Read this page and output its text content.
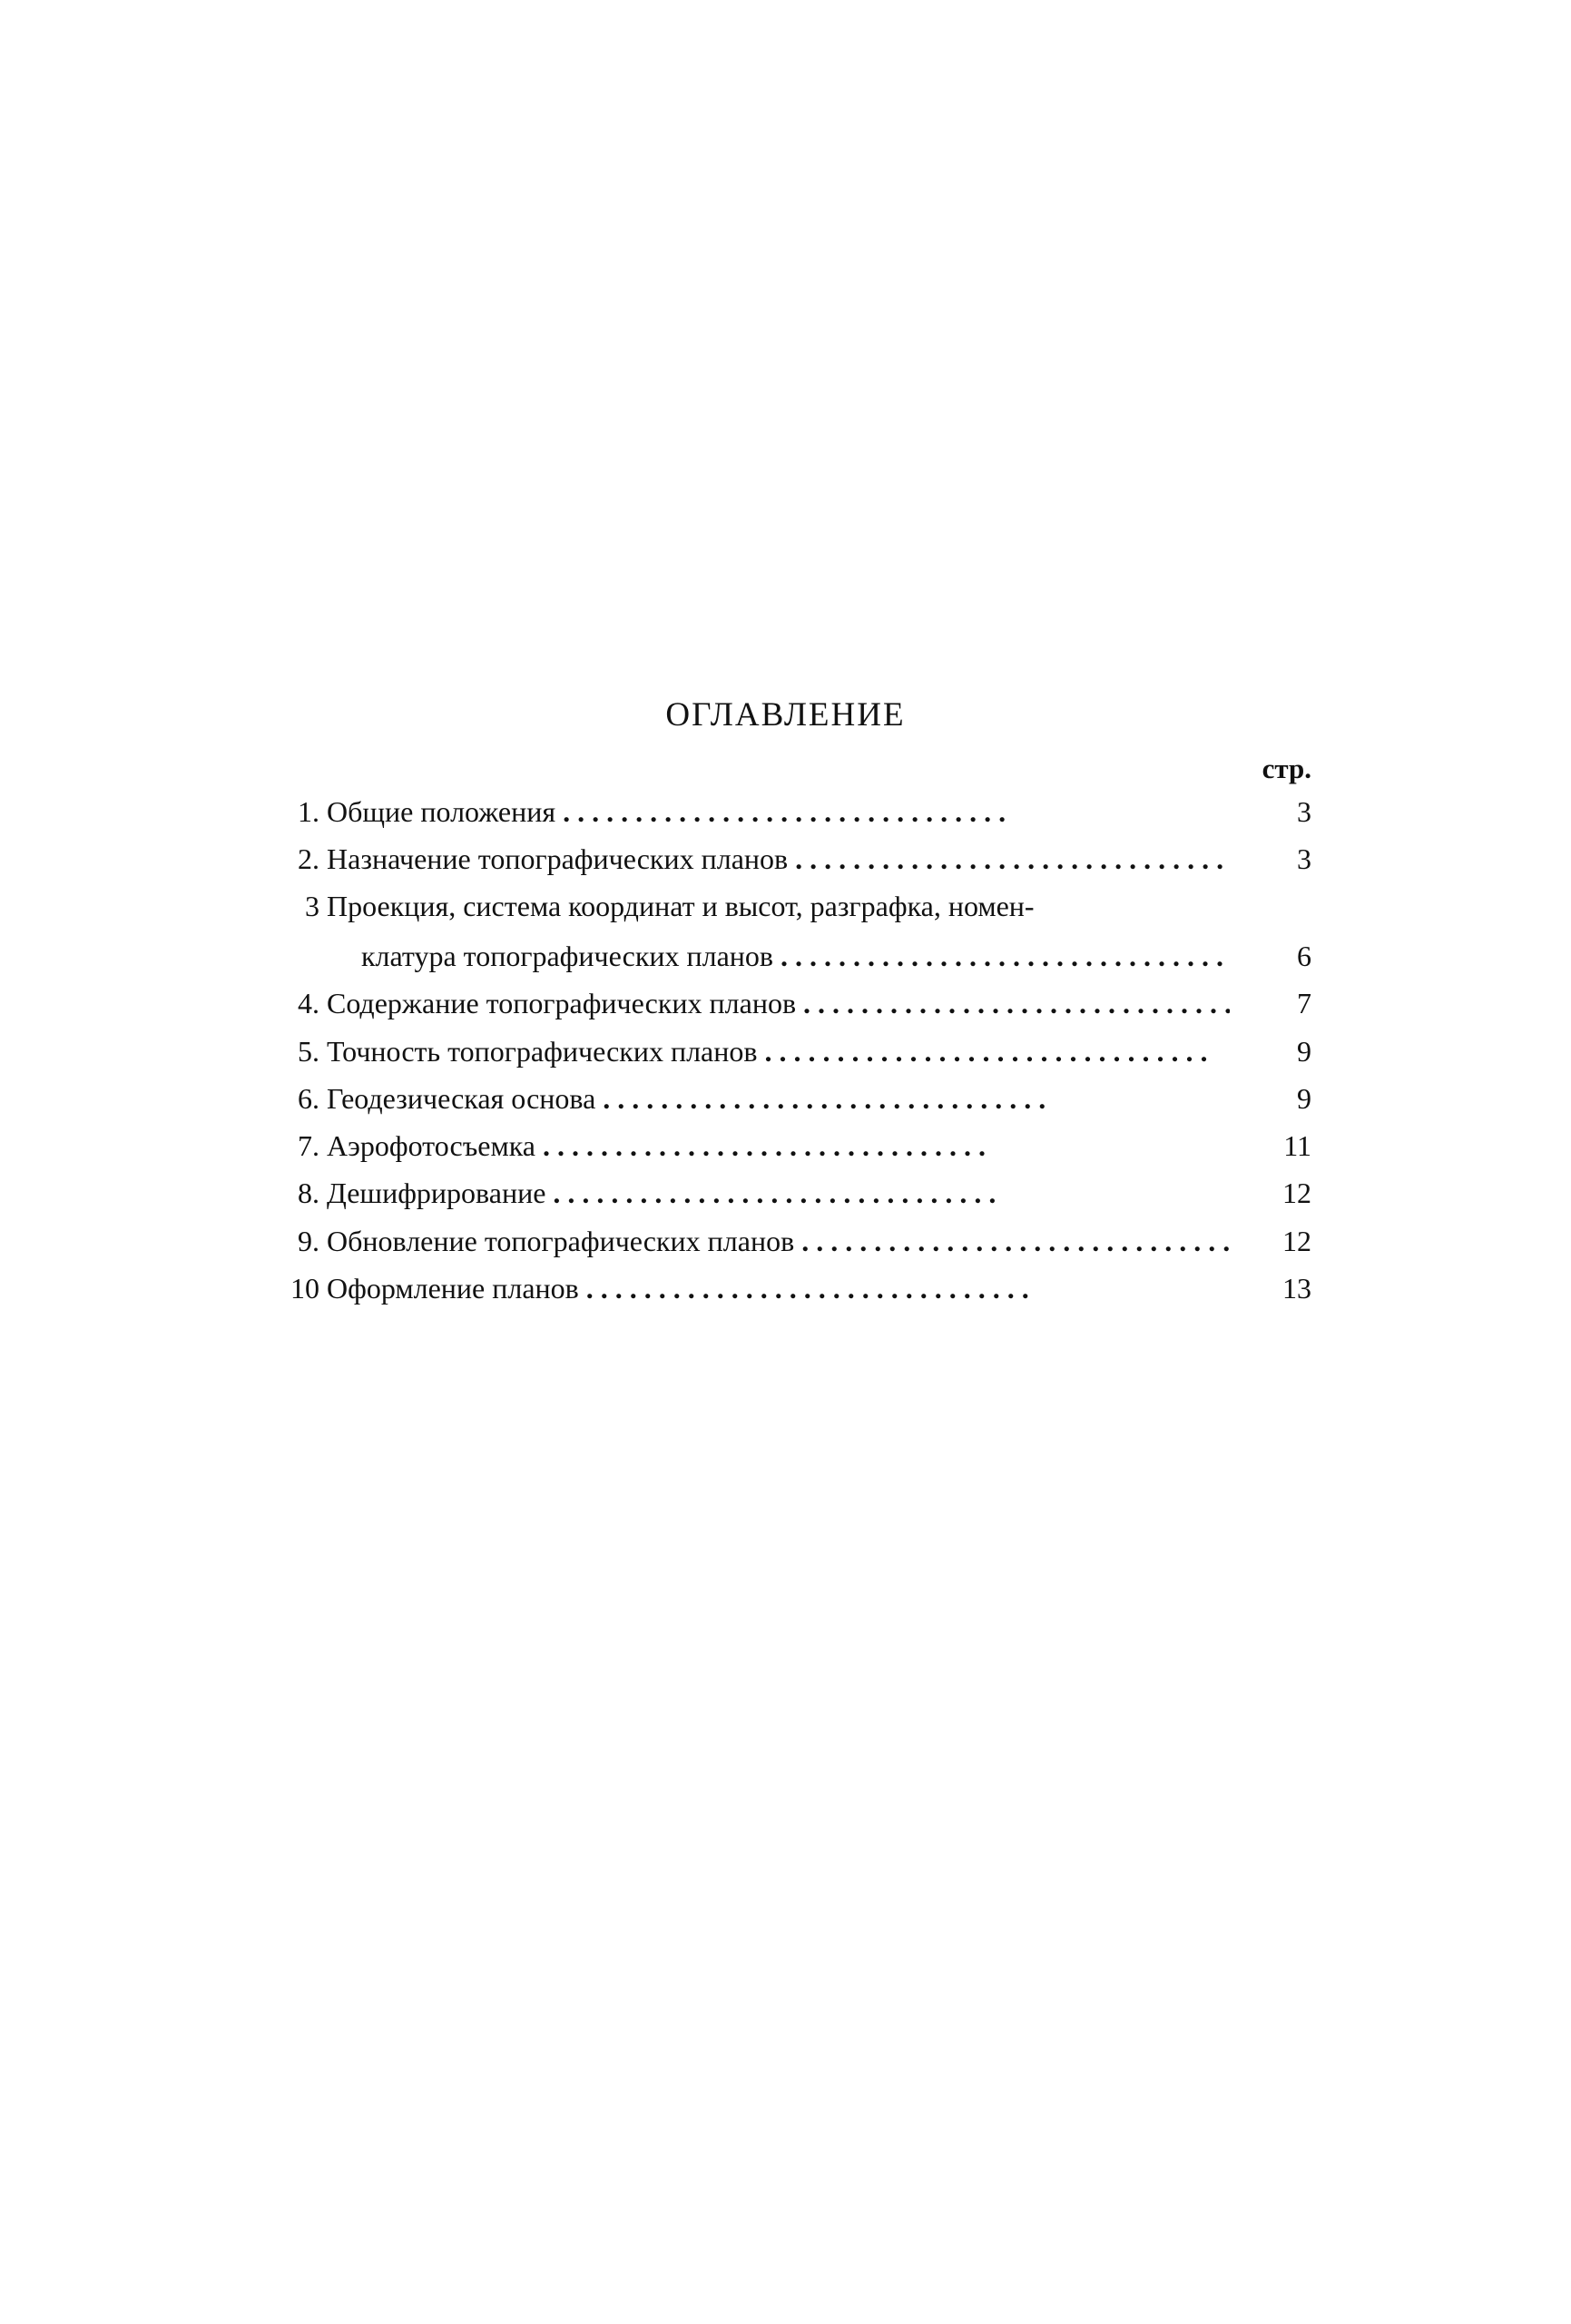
ОГЛАВЛЕНИЕ
стр.
1. Общие положения . .	3
2. Назначение топографических планов . .	3
3 Проекция, система координат и высот, разграфка, номен-
клатура топографических планов . .	6
4. Содержание топографических планов . .	7
5. Точность топографических планов . .	9
6. Геодезическая основа . .	9
7. Аэрофотосъемка . .	11
8. Дешифрирование . .	12
9. Обновление топографических планов . .	12
10 Оформление планов . .	13
